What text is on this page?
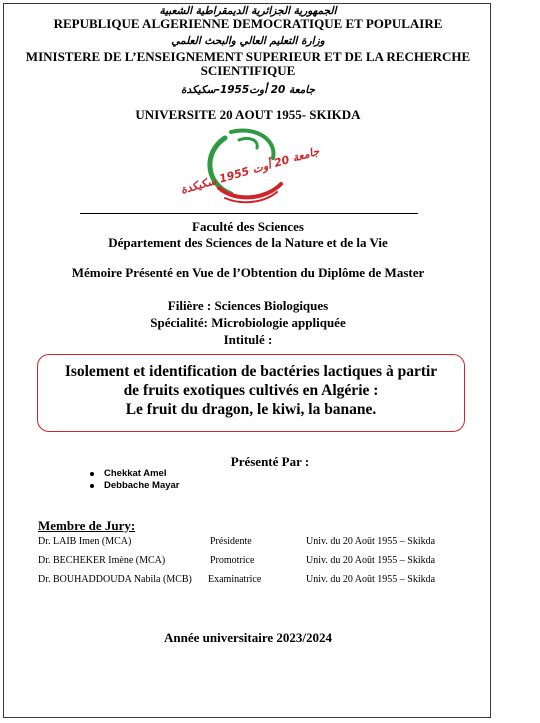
الجمهورية الجزائرية الديمقراطية الشعبية
REPUBLIQUE ALGERIENNE DEMOCRATIQUE ET POPULAIRE
وزارة التعليم العالي والبحث العلمي
MINISTERE DE L’ENSEIGNEMENT SUPERIEUR ET DE LA RECHERCHE
SCIENTIFIQUE
جامعة 20 أوت1955-سكيكدة
UNIVERSITE 20 AOUT 1955- SKIKDA
جامعة 20 أوت 1955 سكيكدة
Faculté des Sciences
Département des Sciences de la Nature et de la Vie
Mémoire Présenté en Vue de l’Obtention du Diplôme de Master
Filière : Sciences Biologiques
Spécialité: Microbiologie appliquée
Intitulé :
Isolement et identification de bactéries lactiques à partir
de fruits exotiques cultivés en Algérie :
Le fruit du dragon, le kiwi, la banane.
Présenté Par :
Chekkat Amel
Debbache Mayar
Membre de Jury:
Dr. LAIB Imen (MCA)	Présidente	Univ. du 20 Août 1955 – Skikda
Dr. BECHEKER Imène (MCA)	Promotrice	Univ. du 20 Août 1955 – Skikda
Dr. BOUHADDOUDA Nabila (MCB) Examinatrice	Univ. du 20 Août 1955 – Skikda
Année universitaire 2023/2024
